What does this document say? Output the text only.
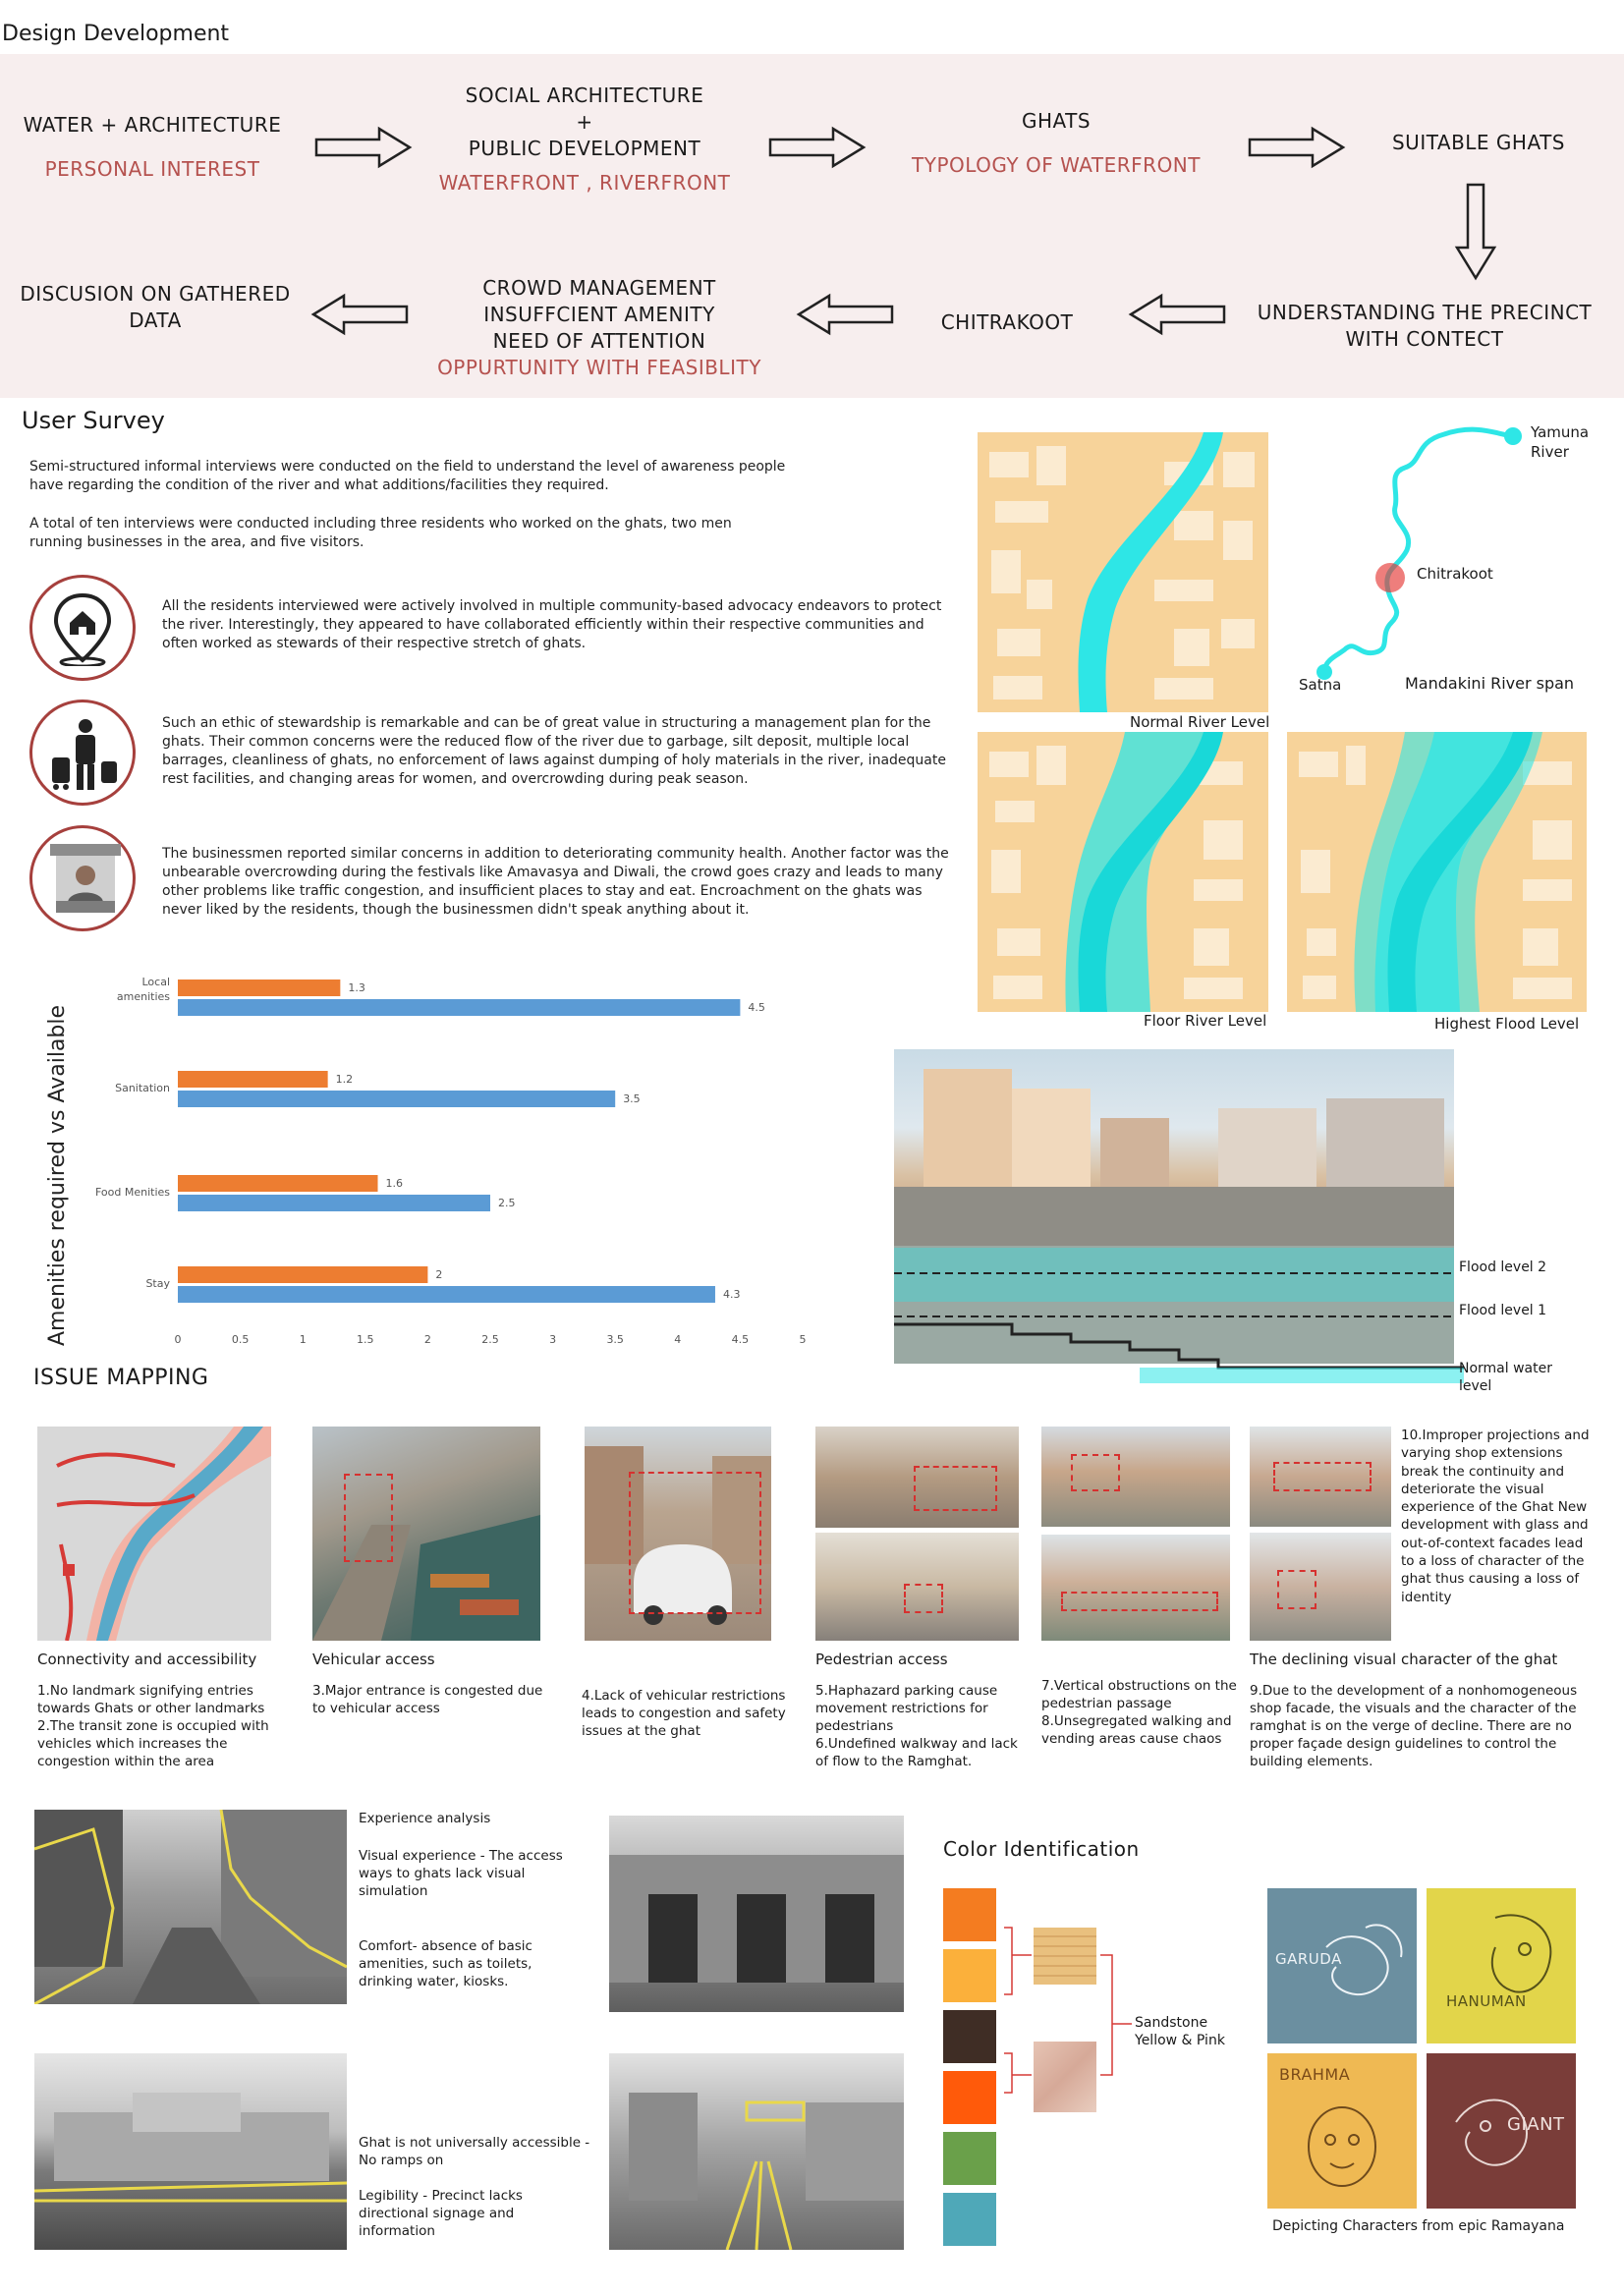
Design Development
WATER + ARCHITECTURE
PERSONAL INTEREST
SOCIAL ARCHITECTURE
+
PUBLIC DEVELOPMENT
WATERFRONT , RIVERFRONT
GHATS
TYPOLOGY OF WATERFRONT
SUITABLE GHATS
UNDERSTANDING THE PRECINCT
WITH CONTECT
CHITRAKOOT
CROWD MANAGEMENT
INSUFFCIENT AMENITY
NEED OF ATTENTION
OPPURTUNITY WITH FEASIBLITY
DISCUSION ON GATHERED
DATA
User Survey
Semi-structured informal interviews were conducted on the field to understand the level of awareness people have regarding the condition of the river and what additions/facilities they required.
A total of ten interviews were conducted including three residents who worked on the ghats, two men running businesses in the area, and five visitors.
All the residents interviewed were actively involved in multiple community-based advocacy endeavors to protect the river. Interestingly, they appeared to have collaborated efficiently within their respective communities and often worked as stewards of their respective stretch of ghats.
Such an ethic of stewardship is remarkable and can be of great value in structuring a management plan for the ghats. Their common concerns were the reduced flow of the river due to garbage, silt deposit, multiple local barrages, cleanliness of ghats, no enforcement of laws against dumping of holy materials in the river, inadequate rest facilities, and changing areas for women, and overcrowding during peak season.
The businessmen reported similar concerns in addition to deteriorating community health. Another factor was the unbearable overcrowding during the festivals like Amavasya and Diwali, the crowd goes crazy and leads to many other problems like traffic congestion, and insufficient places to stay and eat. Encroachment on the ghats was never liked by the residents, though the businessmen didn't speak anything about it.
Normal River Level
Floor River Level	Highest Flood Level
Yamuna River
Chitrakoot
Satna	Mandakini River span
Flood level 2
Flood level 1
Normal water level
Amenities required vs Available
Local amenities
1.3
4.5
Sanitation
1.2
3.5
Food Menities
1.6
2.5
Stay
2
4.3
0	0.5	1	1.5	2	2.5	3	3.5	4	4.5	5
ISSUE MAPPING
Connectivity and accessibility
1.No landmark signifying entries towards Ghats or other landmarks
2.The transit zone is occupied with vehicles which increases the congestion within the area
Vehicular access
3.Major entrance is congested due to vehicular access
4.Lack of vehicular restrictions leads to congestion and safety issues at the ghat
Pedestrian access
5.Haphazard parking cause movement restrictions for pedestrians
6.Undefined walkway and lack of flow to the Ramghat.
7.Vertical obstructions on the pedestrian passage
8.Unsegregated walking and vending areas cause chaos
10.Improper projections and varying shop extensions break the continuity and deteriorate the visual experience of the Ghat New development with glass and out-of-context facades lead to a loss of character of the ghat thus causing a loss of identity
The declining visual character of the ghat
9.Due to the development of a nonhomogeneous shop facade, the visuals and the character of the ramghat is on the verge of decline. There are no proper façade design guidelines to control the building elements.
Experience analysis
Visual experience - The access ways to ghats lack visual simulation
Comfort- absence of basic amenities, such as toilets, drinking water, kiosks.
Ghat is not universally accessible - No ramps on
Legibility - Precinct lacks directional signage and information
Color Identification
Sandstone Yellow & Pink
GARUDA
HANUMAN
BRAHMA
GIANT
Depicting Characters from epic Ramayana
